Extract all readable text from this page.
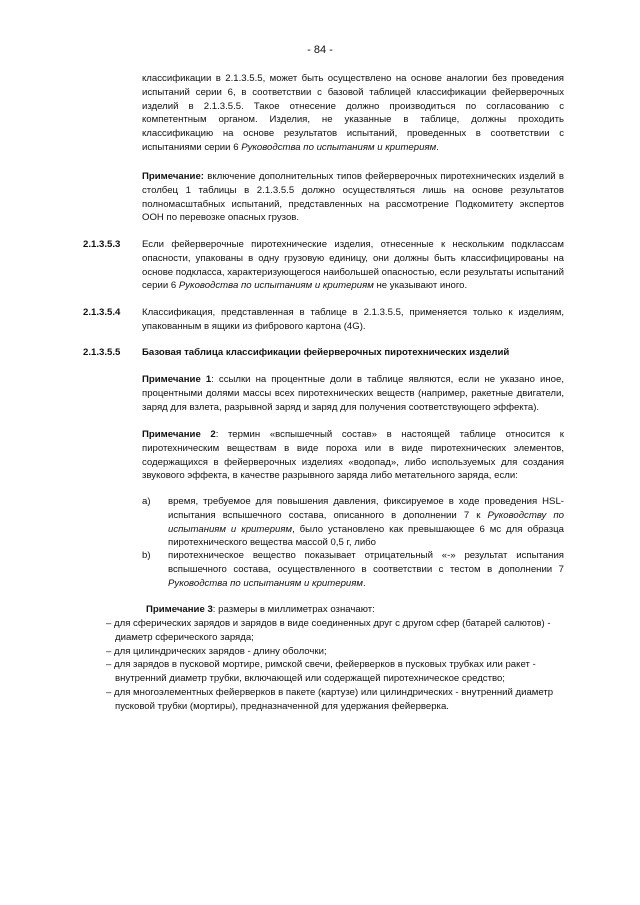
- 84 -
классификации в 2.1.3.5.5, может быть осуществлено на основе аналогии без проведения испытаний серии 6, в соответствии с базовой таблицей классификации фейерверочных изделий в 2.1.3.5.5. Такое отнесение должно производиться по согласованию с компетентным органом. Изделия, не указанные в таблице, должны проходить классификацию на основе результатов испытаний, проведенных в соответствии с испытаниями серии 6 Руководства по испытаниям и критериям.
Примечание: включение дополнительных типов фейерверочных пиротехнических изделий в столбец 1 таблицы в 2.1.3.5.5 должно осуществляться лишь на основе результатов полномасштабных испытаний, представленных на рассмотрение Подкомитету экспертов ООН по перевозке опасных грузов.
2.1.3.5.3 Если фейерверочные пиротехнические изделия, отнесенные к нескольким подклассам опасности, упакованы в одну грузовую единицу, они должны быть классифицированы на основе подкласса, характеризующегося наибольшей опасностью, если результаты испытаний серии 6 Руководства по испытаниям и критериям не указывают иного.
2.1.3.5.4 Классификация, представленная в таблице в 2.1.3.5.5, применяется только к изделиям, упакованным в ящики из фибрового картона (4G).
2.1.3.5.5 Базовая таблица классификации фейерверочных пиротехнических изделий
Примечание 1: ссылки на процентные доли в таблице являются, если не указано иное, процентными долями массы всех пиротехнических веществ (например, ракетные двигатели, заряд для взлета, разрывной заряд и заряд для получения соответствующего эффекта).
Примечание 2: термин «вспышечный состав» в настоящей таблице относится к пиротехническим веществам в виде пороха или в виде пиротехнических элементов, содержащихся в фейерверочных изделиях «водопад», либо используемых для создания звукового эффекта, в качестве разрывного заряда либо метательного заряда, если:
a) время, требуемое для повышения давления, фиксируемое в ходе проведения HSL-испытания вспышечного состава, описанного в дополнении 7 к Руководству по испытаниям и критериям, было установлено как превышающее 6 мс для образца пиротехнического вещества массой 0,5 г, либо
b) пиротехническое вещество показывает отрицательный «-» результат испытания вспышечного состава, осуществленного в соответствии с тестом в дополнении 7 Руководства по испытаниям и критериям.
Примечание 3: размеры в миллиметрах означают:
– для сферических зарядов и зарядов в виде соединенных друг с другом сфер (батарей салютов) - диаметр сферического заряда;
– для цилиндрических зарядов - длину оболочки;
– для зарядов в пусковой мортире, римской свечи, фейерверков в пусковых трубках или ракет - внутренний диаметр трубки, включающей или содержащей пиротехническое средство;
– для многоэлементных фейерверков в пакете (картузе) или цилиндрических - внутренний диаметр пусковой трубки (мортиры), предназначенной для удержания фейерверка.
